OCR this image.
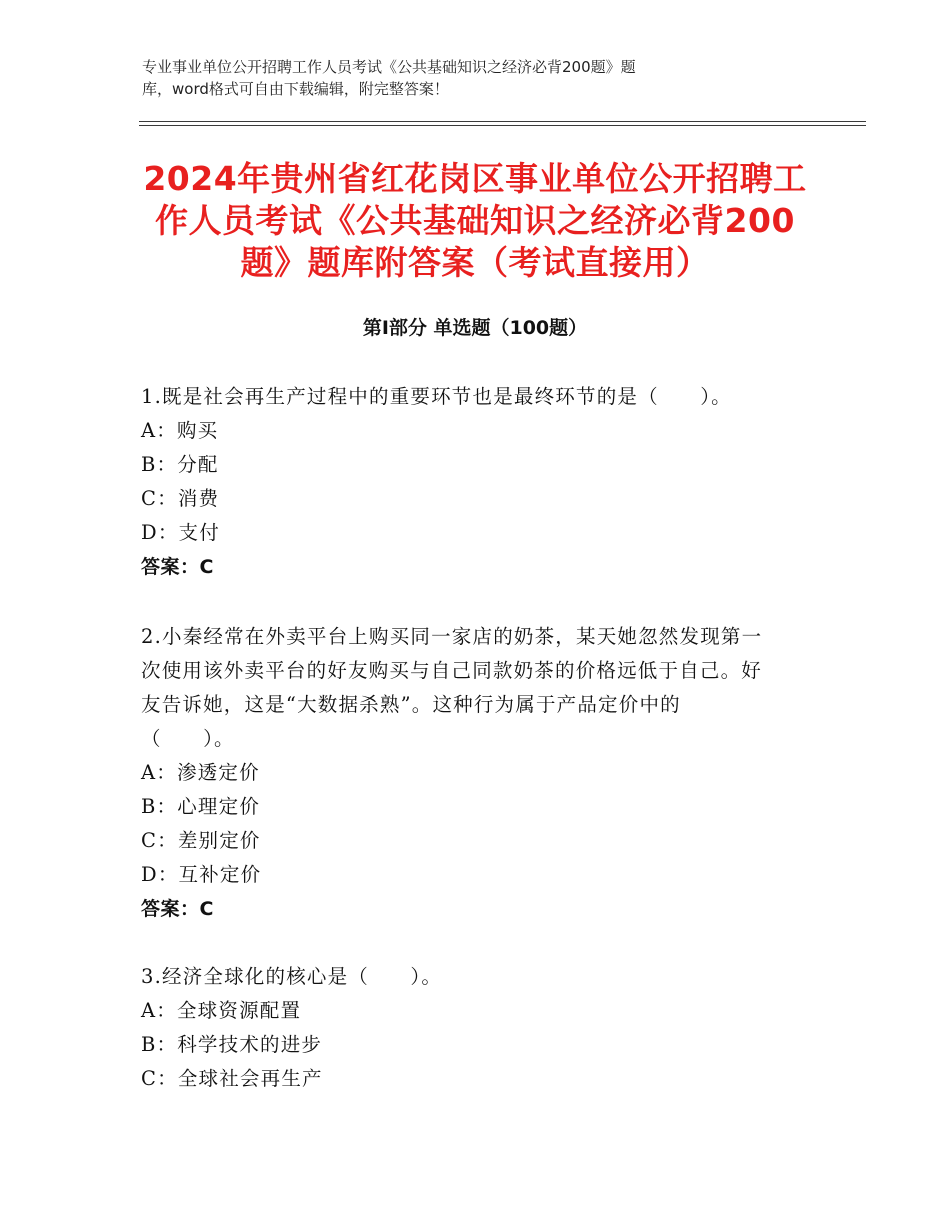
专业事业单位公开招聘工作人员考试《公共基础知识之经济必背200题》题
库，word格式可自由下载编辑，附完整答案！
2024年贵州省红花岗区事业单位公开招聘工
作人员考试《公共基础知识之经济必背200
题》题库附答案（考试直接用）
第Ⅰ部分 单选题（100题）
1.既是社会再生产过程中的重要环节也是最终环节的是（　　）。
A：购买
B：分配
C：消费
D：支付
答案：C
2.小秦经常在外卖平台上购买同一家店的奶茶，某天她忽然发现第一
次使用该外卖平台的好友购买与自己同款奶茶的价格远低于自己。好
友告诉她，这是“大数据杀熟”。这种行为属于产品定价中的
（　　）。
A：渗透定价
B：心理定价
C：差别定价
D：互补定价
答案：C
3.经济全球化的核心是（　　）。
A：全球资源配置
B：科学技术的进步
C：全球社会再生产
